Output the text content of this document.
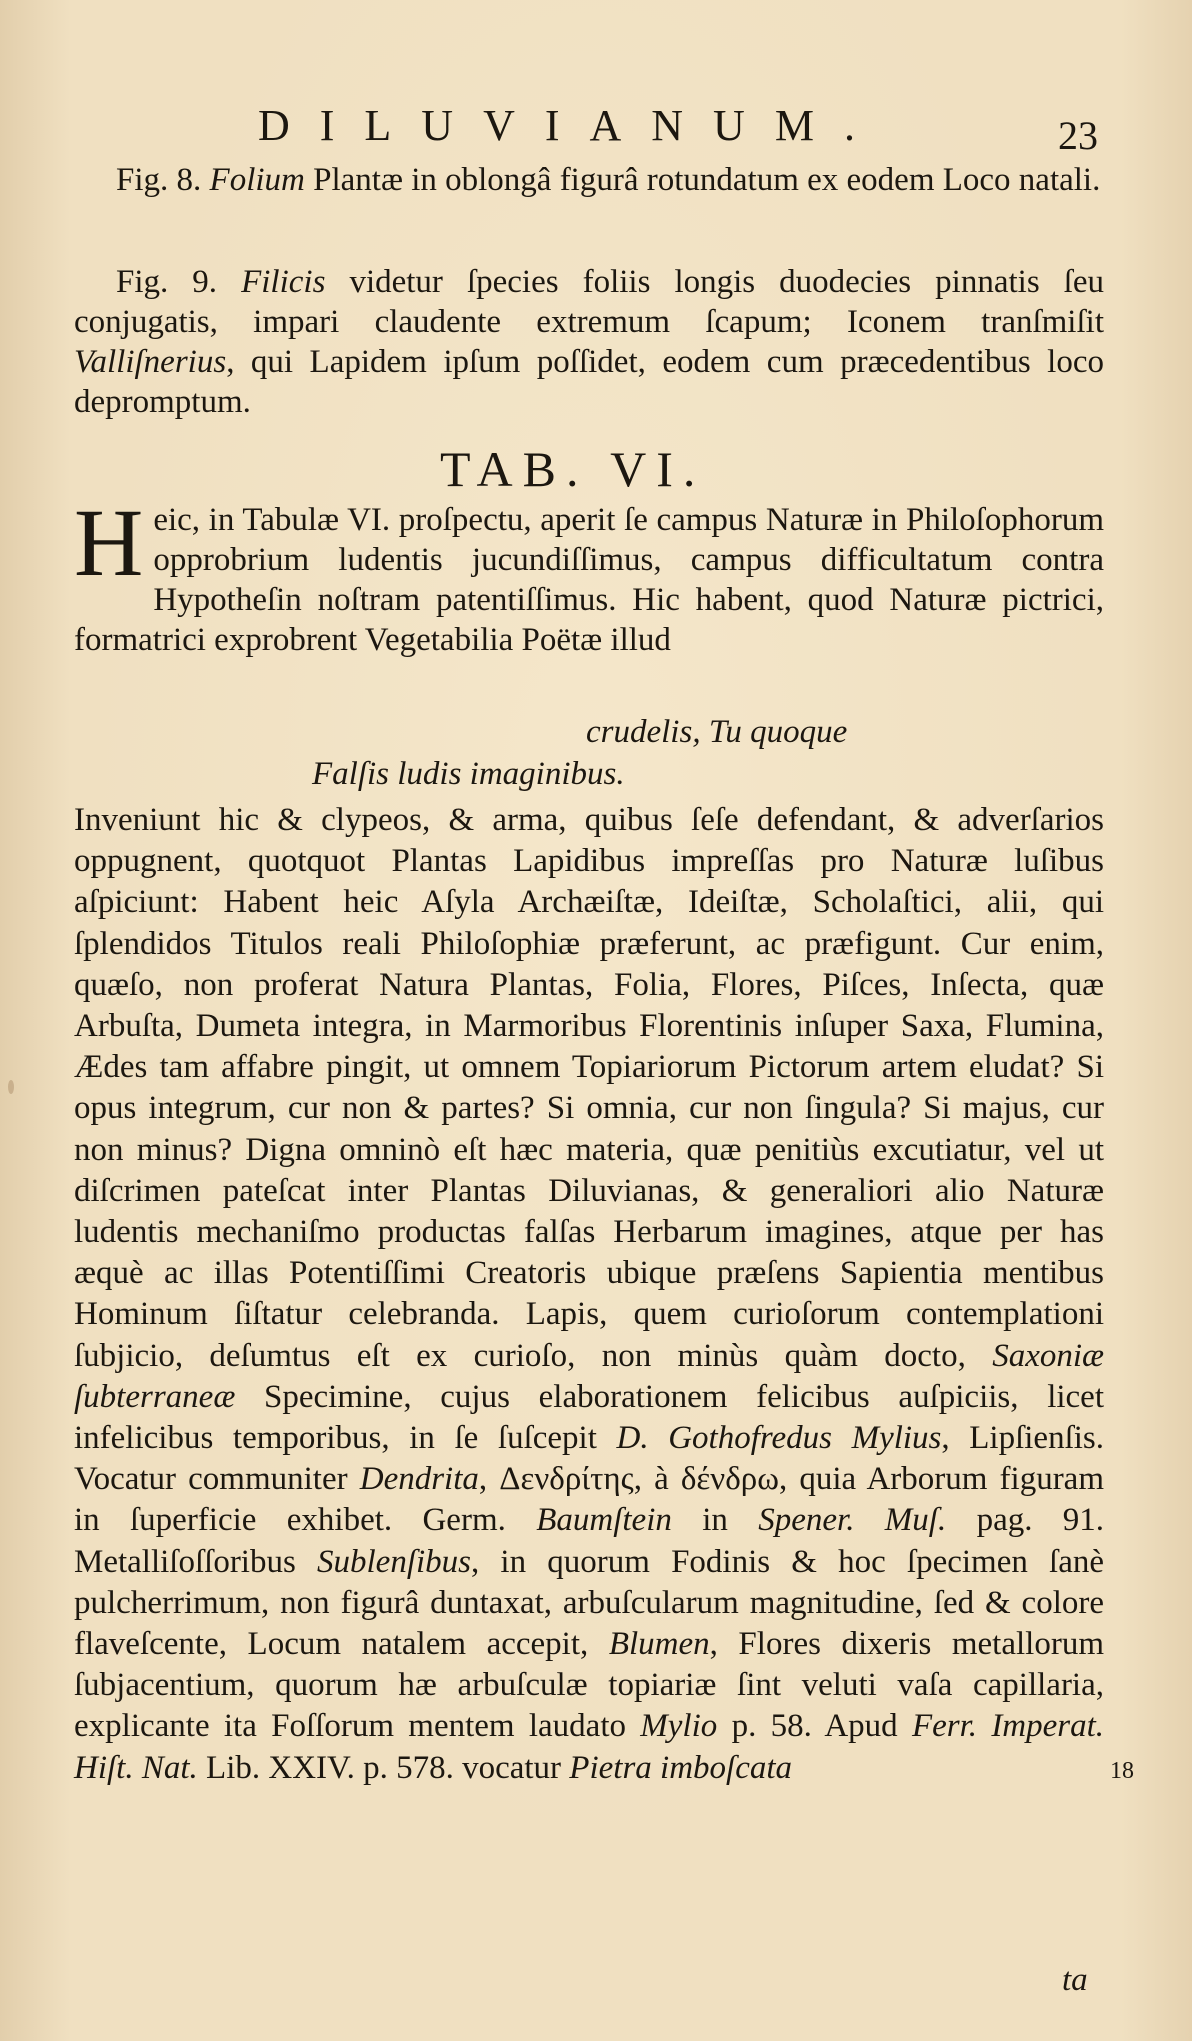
DILUVIANUM.	23
Fig. 8. Folium Plantæ in oblongâ figurâ rotundatum ex eodem Loco natali.
Fig. 9. Filicis videtur ſpecies foliis longis duodecies pinnatis ſeu conjugatis, impari claudente extremum ſcapum; Iconem tranſmiſit Valliſnerius, qui Lapidem ipſum poſſidet, eodem cum præcedentibus loco depromptum.
TAB. VI.
H eic, in Tabulæ VI. proſpectu, aperit ſe campus Naturæ in Philoſophorum opprobrium ludentis jucundiſſimus, campus difficultatum contra Hypotheſin noſtram patentiſſimus. Hic habent, quod Naturæ pictrici, formatrici exprobrent Vegetabilia Poëtæ illud
crudelis, Tu quoque
Falſis ludis imaginibus.
Inveniunt hic & clypeos, & arma, quibus ſeſe defendant, & adverſarios oppugnent, quotquot Plantas Lapidibus impreſſas pro Naturæ luſibus aſpiciunt: Habent heic Aſyla Archæiſtæ, Ideiſtæ, Scholaſtici, alii, qui ſplendidos Titulos reali Philoſophiæ præferunt, ac præfigunt. Cur enim, quæſo, non proferat Natura Plantas, Folia, Flores, Piſces, Inſecta, quæ Arbuſta, Dumeta integra, in Marmoribus Florentinis inſuper Saxa, Flumina, Ædes tam affabre pingit, ut omnem Topiariorum Pictorum artem eludat? Si opus integrum, cur non & partes? Si omnia, cur non ſingula? Si majus, cur non minus? Digna omninò eſt hæc materia, quæ penitiùs excutiatur, vel ut diſcrimen pateſcat inter Plantas Diluvianas, & generaliori alio Naturæ ludentis mechaniſmo productas falſas Herbarum imagines, atque per has æquè ac illas Potentiſſimi Creatoris ubique præſens Sapientia mentibus Hominum ſiſtatur celebranda. Lapis, quem curioſorum contemplationi ſubjicio, deſumtus eſt ex curioſo, non minùs quàm docto, Saxoniæ ſubterraneæ Specimine, cujus elaborationem felicibus auſpiciis, licet infelicibus temporibus, in ſe ſuſcepit D. Gothofredus Mylius, Lipſienſis. Vocatur communiter Dendrita, Δενδρίτης, à δένδρω, quia Arborum figuram in ſuperficie exhibet. Germ. Baumſtein in Spener. Muſ. pag. 91. Metalliſoſſoribus Sublenſibus, in quorum Fodinis & hoc ſpecimen ſanè pulcherrimum, non figurâ duntaxat, arbuſcularum magnitudine, ſed & colore flaveſcente, Locum natalem accepit, Blumen, Flores dixeris metallorum ſubjacentium, quorum hæ arbuſculæ topiariæ ſint veluti vaſa capillaria, explicante ita Foſſorum mentem laudato Mylio p. 58. Apud Ferr. Imperat. Hiſt. Nat. Lib. XXIV. p. 578. vocatur Pietra imboſcata	18
ta
